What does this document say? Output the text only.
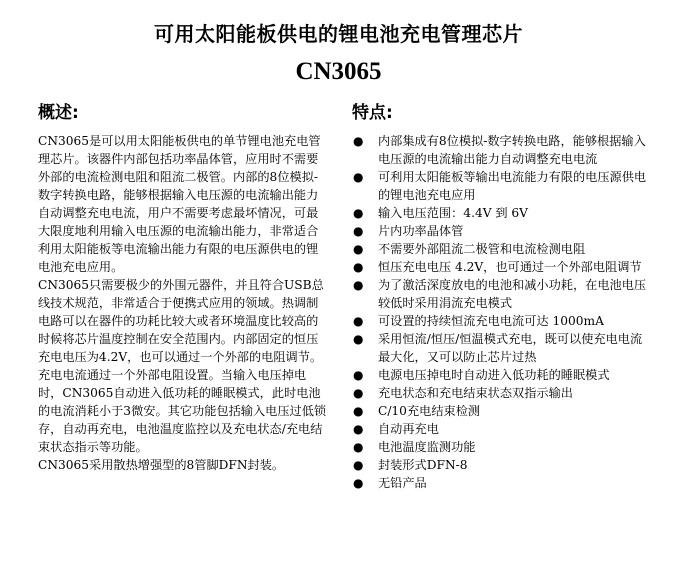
可用太阳能板供电的锂电池充电管理芯片
CN3065
概述:	特点:

CN3065是可以用太阳能板供电的单节锂电池充电管理芯片。该器件内部包括功率晶体管，应用时不需要外部的电流检测电阻和阻流二极管。内部的8位模拟-数字转换电路，能够根据输入电压源的电流输出能力自动调整充电电流，用户不需要考虑最坏情况，可最大限度地利用输入电压源的电流输出能力，非常适合利用太阳能板等电流输出能力有限的电压源供电的锂电池充电应用。

CN3065只需要极少的外围元器件，并且符合USB总线技术规范，非常适合于便携式应用的领域。热调制电路可以在器件的功耗比较大或者环境温度比较高的时候将芯片温度控制在安全范围内。内部固定的恒压充电电压为4.2V，也可以通过一个外部的电阻调节。充电电流通过一个外部电阻设置。当输入电压掉电时，CN3065自动进入低功耗的睡眠模式，此时电池的电流消耗小于3微安。其它功能包括输入电压过低锁存，自动再充电，电池温度监控以及充电状态/充电结束状态指示等功能。

CN3065采用散热增强型的8管脚DFN封装。

● 内部集成有8位模拟-数字转换电路，能够根据输入电压源的电流输出能力自动调整充电电流
● 可利用太阳能板等输出电流能力有限的电压源供电的锂电池充电应用
● 输入电压范围：4.4V 到 6V
● 片内功率晶体管
● 不需要外部阻流二极管和电流检测电阻
● 恒压充电电压 4.2V，也可通过一个外部电阻调节
● 为了激活深度放电的电池和减小功耗，在电池电压较低时采用涓流充电模式
● 可设置的持续恒流充电电流可达 1000mA
● 采用恒流/恒压/恒温模式充电，既可以使充电电流最大化，又可以防止芯片过热
● 电源电压掉电时自动进入低功耗的睡眠模式
● 充电状态和充电结束状态双指示输出
● C/10充电结束检测
● 自动再充电
● 电池温度监测功能
● 封装形式DFN-8
● 无铅产品
